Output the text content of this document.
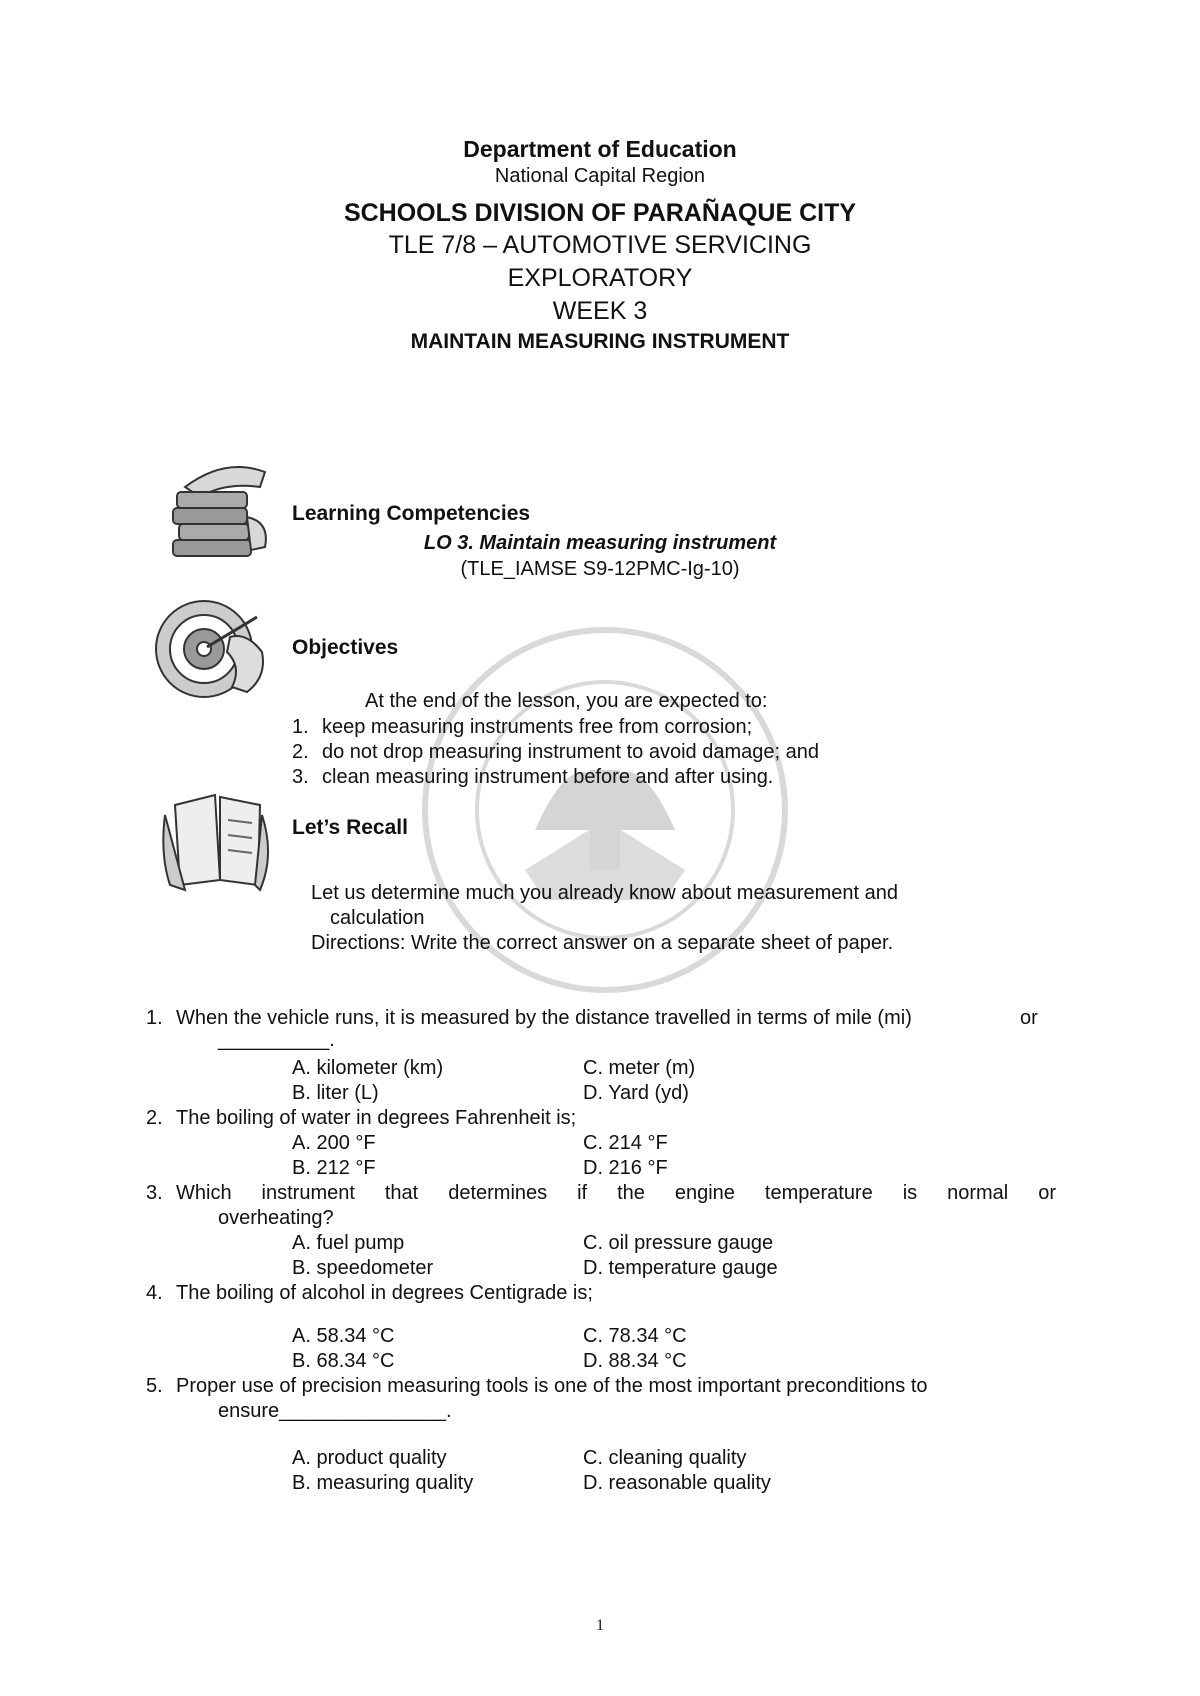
Department of Education
National Capital Region
SCHOOLS DIVISION OF PARAÑAQUE CITY
TLE 7/8 – AUTOMOTIVE SERVICING
EXPLORATORY
WEEK 3
MAINTAIN MEASURING INSTRUMENT
Learning Competencies
LO 3. Maintain measuring instrument
(TLE_IAMSE S9-12PMC-Ig-10)
Objectives
At the end of the lesson, you are expected to:
1. keep measuring instruments free from corrosion;
2. do not drop measuring instrument to avoid damage; and
3. clean measuring instrument before and after using.
Let’s Recall
Let us determine much you already know about measurement and
calculation
Directions: Write the correct answer on a separate sheet of paper.
1. When the vehicle runs, it is measured by the distance travelled in terms of mile (mi)	or
__________.
A. kilometer (km)	C. meter (m)
B. liter (L)	D. Yard (yd)
2. The boiling of water in degrees Fahrenheit is;
A. 200 °F	C. 214 °F
B. 212 °F	D. 216 °F
3. Which instrument that determines if the engine temperature is normal or
overheating?
A. fuel pump	C. oil pressure gauge
B. speedometer	D. temperature gauge
4. The boiling of alcohol in degrees Centigrade is;
A. 58.34 °C	C. 78.34 °C
B. 68.34 °C	D. 88.34 °C
5. Proper use of precision measuring tools is one of the most important preconditions to
ensure_______________.
A. product quality	C. cleaning quality
B. measuring quality	D. reasonable quality
1
